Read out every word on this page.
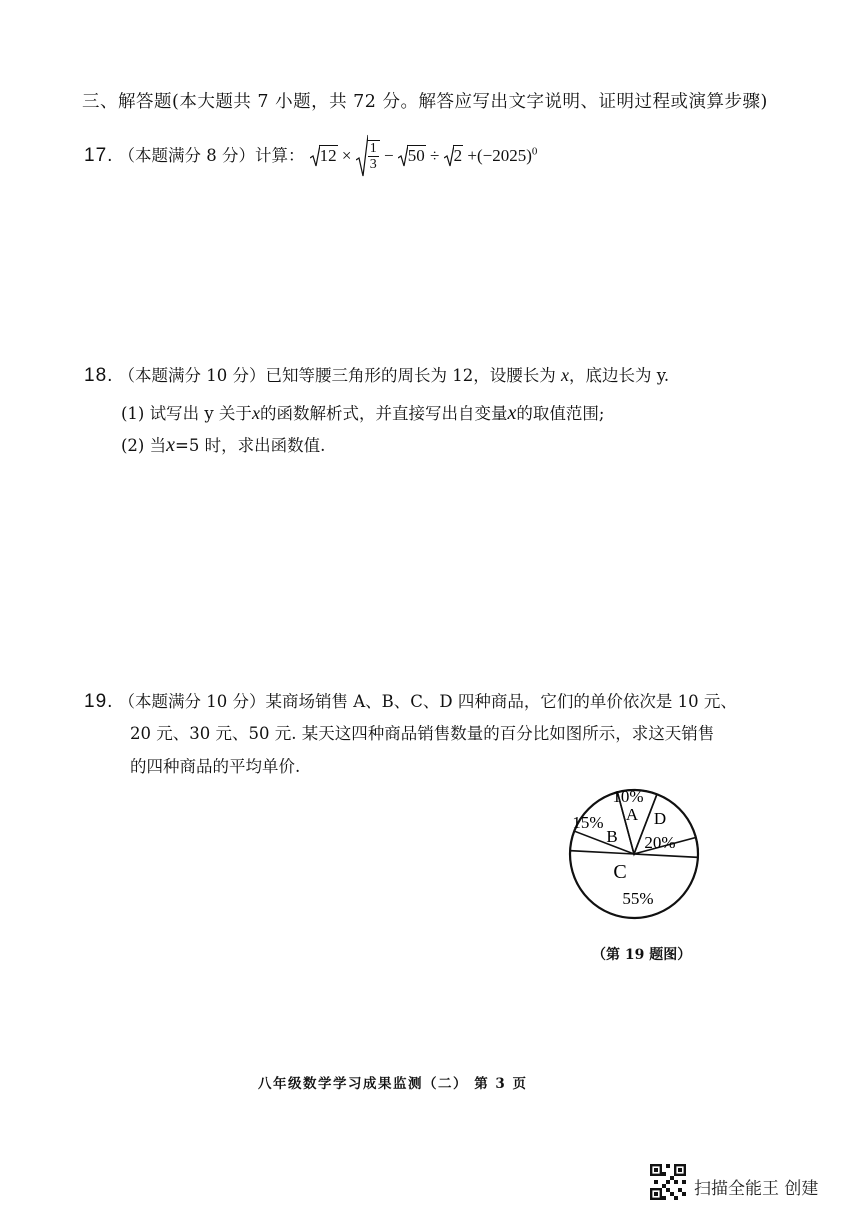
三、解答题(本大题共 7 小题，共 72 分。解答应写出文字说明、证明过程或演算步骤)
17. （本题满分 8 分）计算： $12 \times \frac{1}{3} - 50 \div 2 +(-2025)^0$
18. （本题满分 10 分）已知等腰三角形的周长为 12，设腰长为 x，底边长为 y.
(1) 试写出 y 关于x的函数解析式，并直接写出自变量x的取值范围;
(2) 当x=5 时，求出函数值.
19. （本题满分 10 分）某商场销售 A、B、C、D 四种商品，它们的单价依次是 10 元、
20 元、30 元、50 元. 某天这四种商品销售数量的百分比如图所示，求这天销售
的四种商品的平均单价.
A
10%
B
15%
C
55%
D
20%
（第 19 题图）
八年级数学学习成果监测（二） 第 3 页
扫描全能王 创建
